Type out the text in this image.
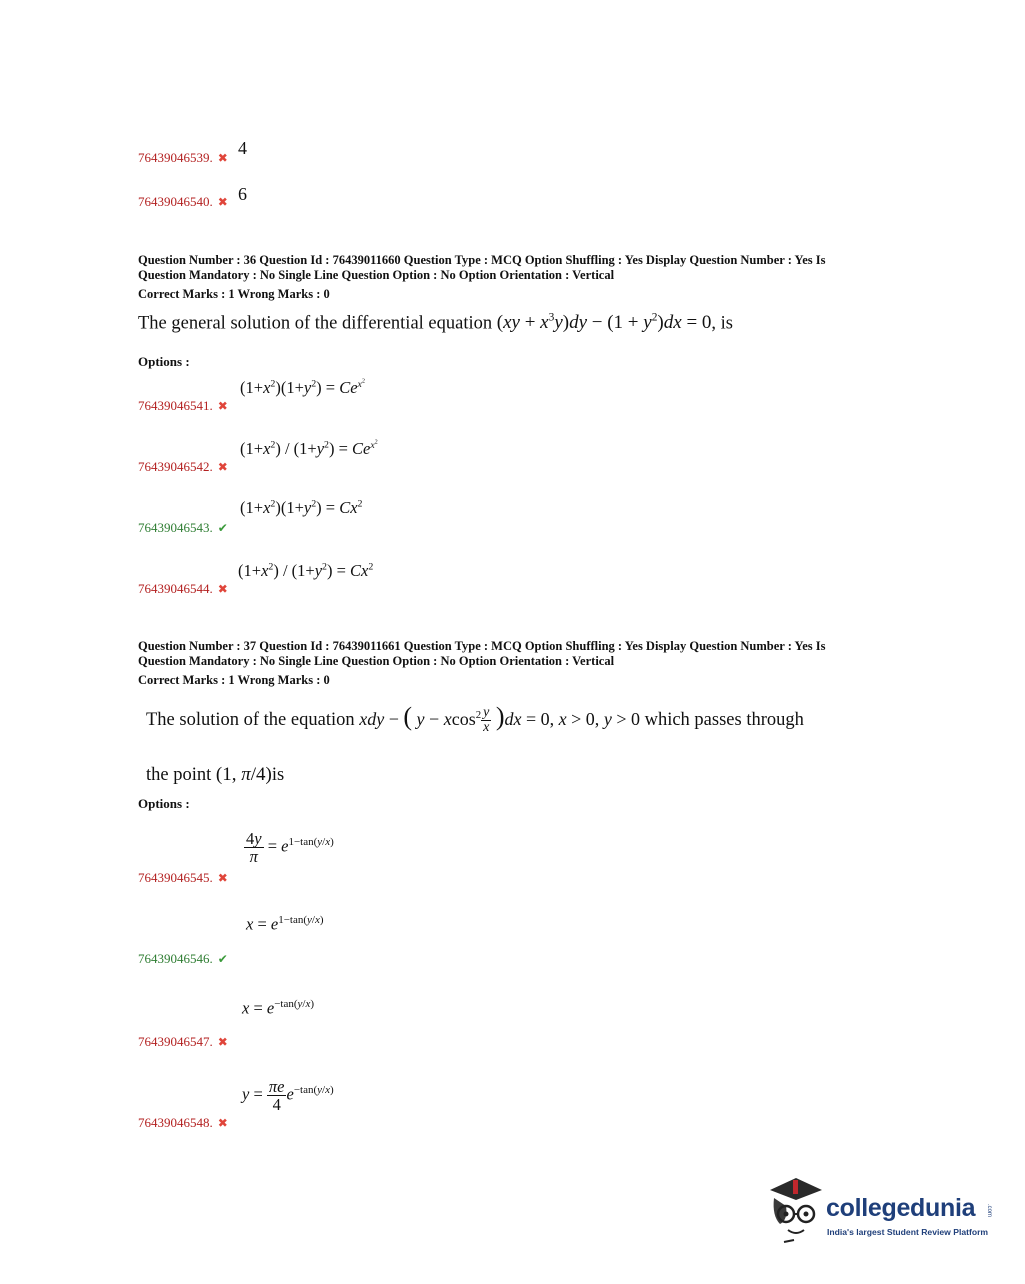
76439046539. ✖ 4
76439046540. ✖ 6
Question Number : 36 Question Id : 76439011660 Question Type : MCQ Option Shuffling : Yes Display Question Number : Yes Is
Question Mandatory : No Single Line Question Option : No Option Orientation : Vertical
Correct Marks : 1 Wrong Marks : 0
The general solution of the differential equation $(xy + x^3y)dy - (1 + y^2)dx = 0$, is
Options :
$(1+x^2)(1+y^2) = Ce^{x^2}$
76439046541. ✖
$(1+x^2) / (1+y^2) = Ce^{x^2}$
76439046542. ✖
$(1+x^2)(1+y^2) = Cx^2$
76439046543. ✔
$(1+x^2) / (1+y^2) = Cx^2$
76439046544. ✖
Question Number : 37 Question Id : 76439011661 Question Type : MCQ Option Shuffling : Yes Display Question Number : Yes Is
Question Mandatory : No Single Line Question Option : No Option Orientation : Vertical
Correct Marks : 1 Wrong Marks : 0
The solution of the equation xdy − ( $y - xcos^2 \frac{y}{x} )dx = 0$, x > 0, y > 0 which passes through
the point (1, π/4)is
Options :
$\frac{4y}{\pi} = e^{1-tan(y/x)}$
76439046545. ✖
$x = e^{1-tan(y/x)}$
76439046546. ✔
$x = e^{-tan(y/x)}$
76439046547. ✖
$y = \frac{\pi e}{4} e^{-tan(y/x)}$
76439046548. ✖
collegedunia .com
India's largest Student Review Platform
